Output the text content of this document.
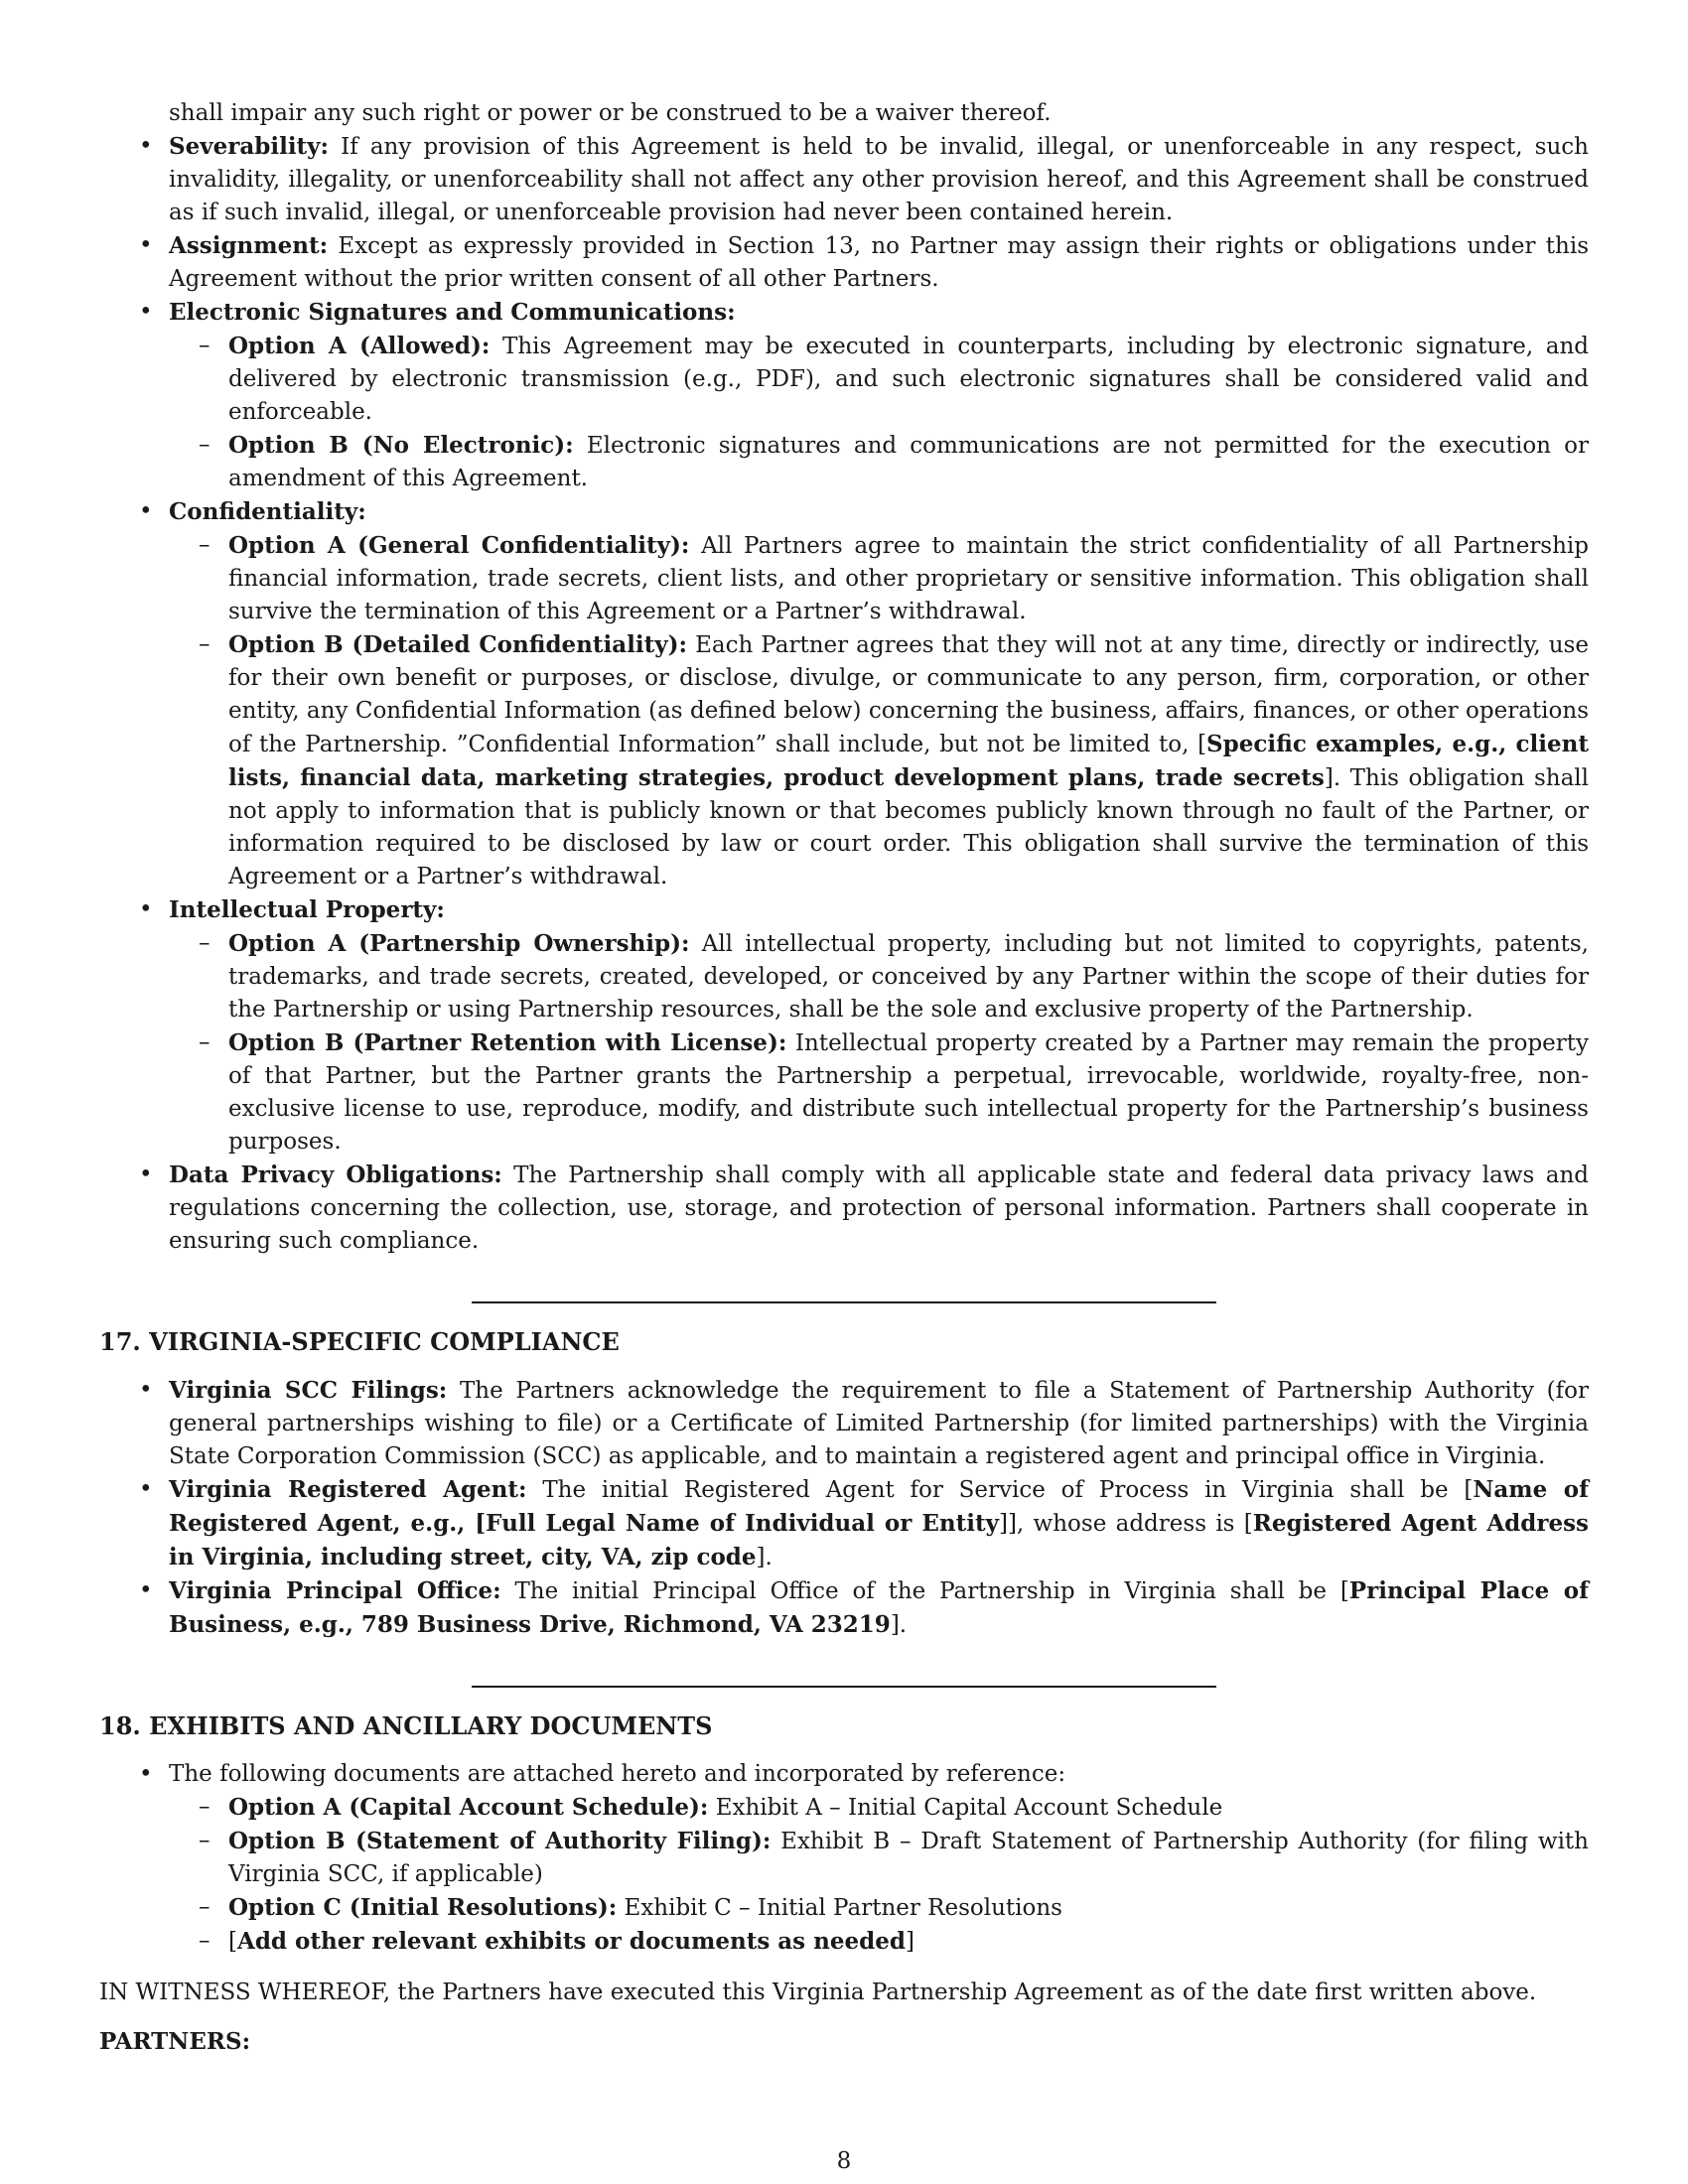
shall impair any such right or power or be construed to be a waiver thereof.
• Severability: If any provision of this Agreement is held to be invalid, illegal, or unenforceable in any respect, such invalidity, illegality, or unenforceability shall not affect any other provision hereof, and this Agreement shall be construed as if such invalid, illegal, or unenforceable provision had never been contained herein.
• Assignment: Except as expressly provided in Section 13, no Partner may assign their rights or obligations under this Agreement without the prior written consent of all other Partners.
• Electronic Signatures and Communications:
– Option A (Allowed): This Agreement may be executed in counterparts, including by electronic signature, and delivered by electronic transmission (e.g., PDF), and such electronic signatures shall be considered valid and enforceable.
– Option B (No Electronic): Electronic signatures and communications are not permitted for the execution or amendment of this Agreement.
• Confidentiality:
– Option A (General Confidentiality): All Partners agree to maintain the strict confidentiality of all Partnership financial information, trade secrets, client lists, and other proprietary or sensitive information. This obligation shall survive the termination of this Agreement or a Partner’s withdrawal.
– Option B (Detailed Confidentiality): Each Partner agrees that they will not at any time, directly or indirectly, use for their own benefit or purposes, or disclose, divulge, or communicate to any person, firm, corporation, or other entity, any Confidential Information (as defined below) concerning the business, affairs, finances, or other operations of the Partnership. ”Confidential Information” shall include, but not be limited to, [Specific examples, e.g., client lists, financial data, marketing strategies, product development plans, trade secrets]. This obligation shall not apply to information that is publicly known or that becomes publicly known through no fault of the Partner, or information required to be disclosed by law or court order. This obligation shall survive the termination of this Agreement or a Partner’s withdrawal.
• Intellectual Property:
– Option A (Partnership Ownership): All intellectual property, including but not limited to copyrights, patents, trademarks, and trade secrets, created, developed, or conceived by any Partner within the scope of their duties for the Partnership or using Partnership resources, shall be the sole and exclusive property of the Partnership.
– Option B (Partner Retention with License): Intellectual property created by a Partner may remain the property of that Partner, but the Partner grants the Partnership a perpetual, irrevocable, worldwide, royalty-free, non-exclusive license to use, reproduce, modify, and distribute such intellectual property for the Partnership’s business purposes.
• Data Privacy Obligations: The Partnership shall comply with all applicable state and federal data privacy laws and regulations concerning the collection, use, storage, and protection of personal information. Partners shall cooperate in ensuring such compliance.
17. VIRGINIA-SPECIFIC COMPLIANCE
• Virginia SCC Filings: The Partners acknowledge the requirement to file a Statement of Partnership Authority (for general partnerships wishing to file) or a Certificate of Limited Partnership (for limited partnerships) with the Virginia State Corporation Commission (SCC) as applicable, and to maintain a registered agent and principal office in Virginia.
• Virginia Registered Agent: The initial Registered Agent for Service of Process in Virginia shall be [Name of Registered Agent, e.g., [Full Legal Name of Individual or Entity]], whose address is [Registered Agent Address in Virginia, including street, city, VA, zip code].
• Virginia Principal Office: The initial Principal Office of the Partnership in Virginia shall be [Principal Place of Business, e.g., 789 Business Drive, Richmond, VA 23219].
18. EXHIBITS AND ANCILLARY DOCUMENTS
• The following documents are attached hereto and incorporated by reference:
– Option A (Capital Account Schedule): Exhibit A – Initial Capital Account Schedule
– Option B (Statement of Authority Filing): Exhibit B – Draft Statement of Partnership Authority (for filing with Virginia SCC, if applicable)
– Option C (Initial Resolutions): Exhibit C – Initial Partner Resolutions
– [Add other relevant exhibits or documents as needed]

IN WITNESS WHEREOF, the Partners have executed this Virginia Partnership Agreement as of the date first written above.

PARTNERS:

8
